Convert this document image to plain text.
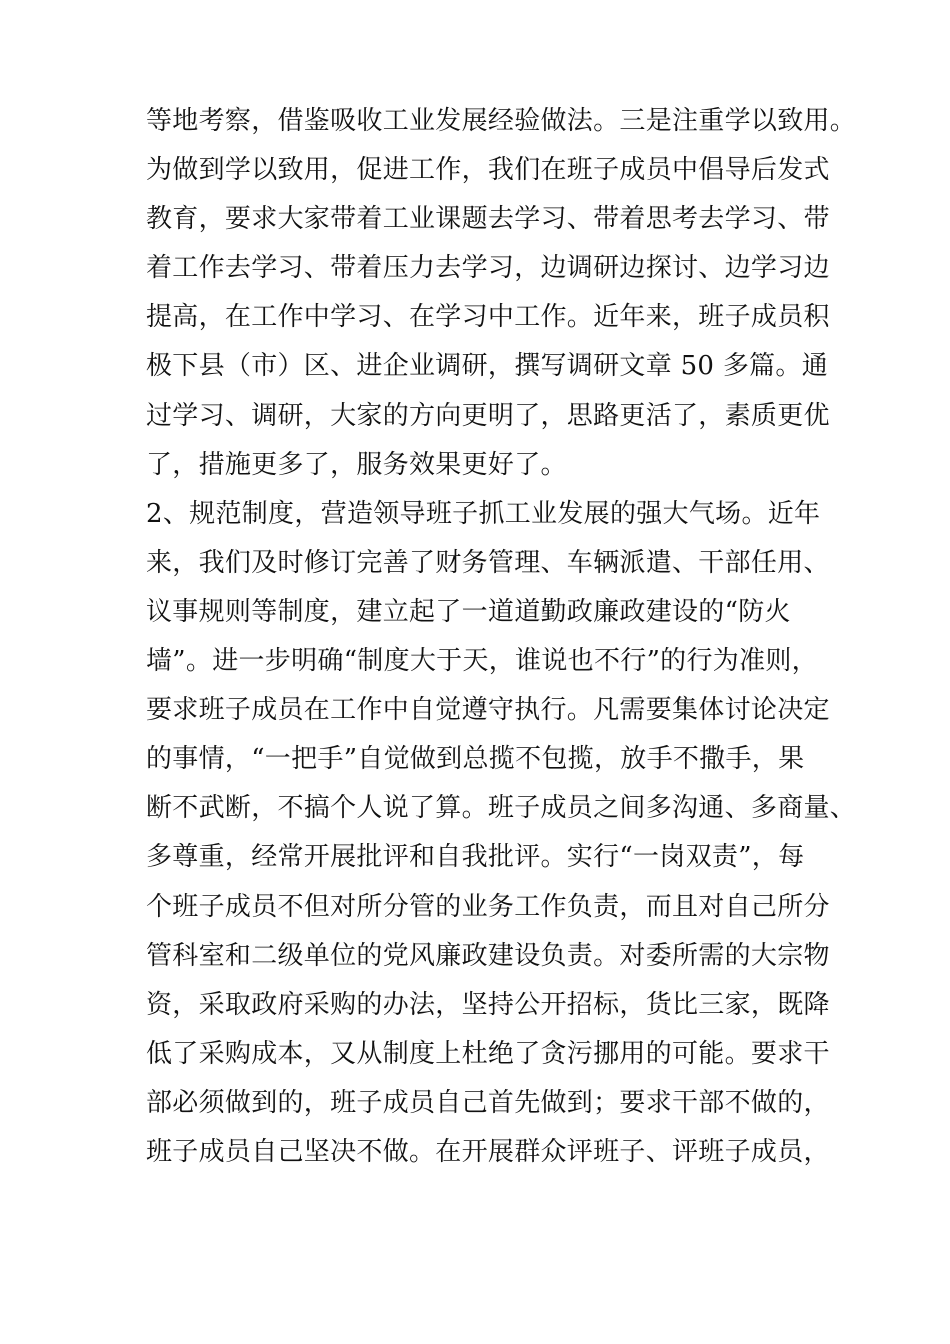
等地考察，借鉴吸收工业发展经验做法。三是注重学以致用。
为做到学以致用，促进工作，我们在班子成员中倡导后发式
教育，要求大家带着工业课题去学习、带着思考去学习、带
着工作去学习、带着压力去学习，边调研边探讨、边学习边
提高，在工作中学习、在学习中工作。近年来，班子成员积
极下县（市）区、进企业调研，撰写调研文章 50 多篇。通
过学习、调研，大家的方向更明了，思路更活了，素质更优
了，措施更多了，服务效果更好了。
2、规范制度，营造领导班子抓工业发展的强大气场。近年
来，我们及时修订完善了财务管理、车辆派遣、干部任用、
议事规则等制度，建立起了一道道勤政廉政建设的“防火
墙”。进一步明确“制度大于天，谁说也不行”的行为准则，
要求班子成员在工作中自觉遵守执行。凡需要集体讨论决定
的事情，“一把手”自觉做到总揽不包揽，放手不撒手，果
断不武断，不搞个人说了算。班子成员之间多沟通、多商量、
多尊重，经常开展批评和自我批评。实行“一岗双责”，每
个班子成员不但对所分管的业务工作负责，而且对自己所分
管科室和二级单位的党风廉政建设负责。对委所需的大宗物
资，采取政府采购的办法，坚持公开招标，货比三家，既降
低了采购成本，又从制度上杜绝了贪污挪用的可能。要求干
部必须做到的，班子成员自己首先做到；要求干部不做的，
班子成员自己坚决不做。在开展群众评班子、评班子成员，
